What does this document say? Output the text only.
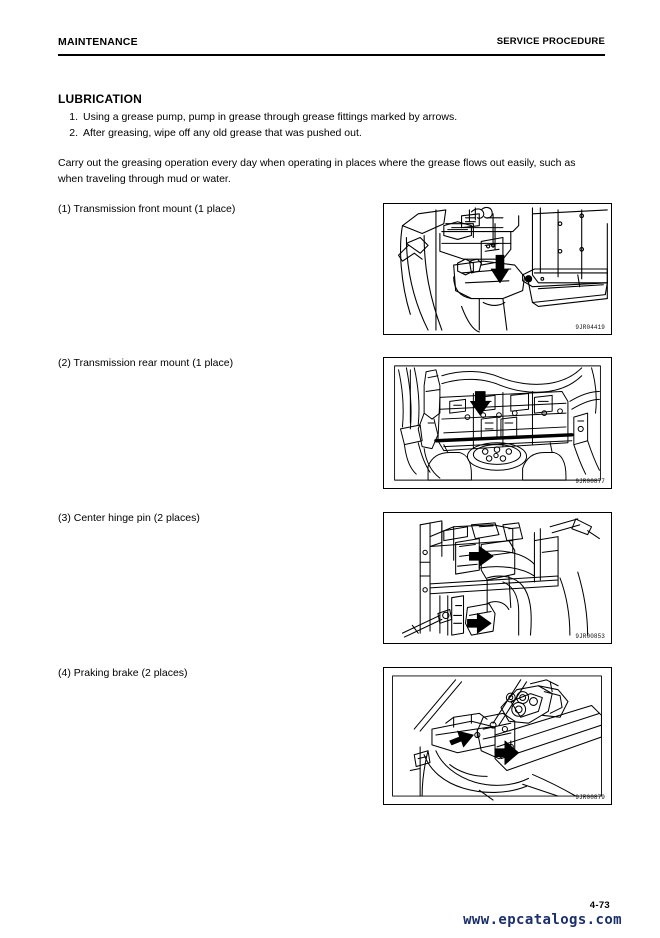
MAINTENANCE	SERVICE PROCEDURE
LUBRICATION
1. Using a grease pump, pump in grease through grease fittings marked by arrows.
2. After greasing, wipe off any old grease that was pushed out.
Carry out the greasing operation every day when operating in places where the grease flows out easily, such as when traveling through mud or water.
(1) Transmission front mount (1 place)
9JR04419
(2) Transmission rear mount (1 place)
9JR00877
(3) Center hinge pin (2 places)
9JR00853
(4) Praking brake (2 places)
9JR00879
4-73
www.epcatalogs.com
